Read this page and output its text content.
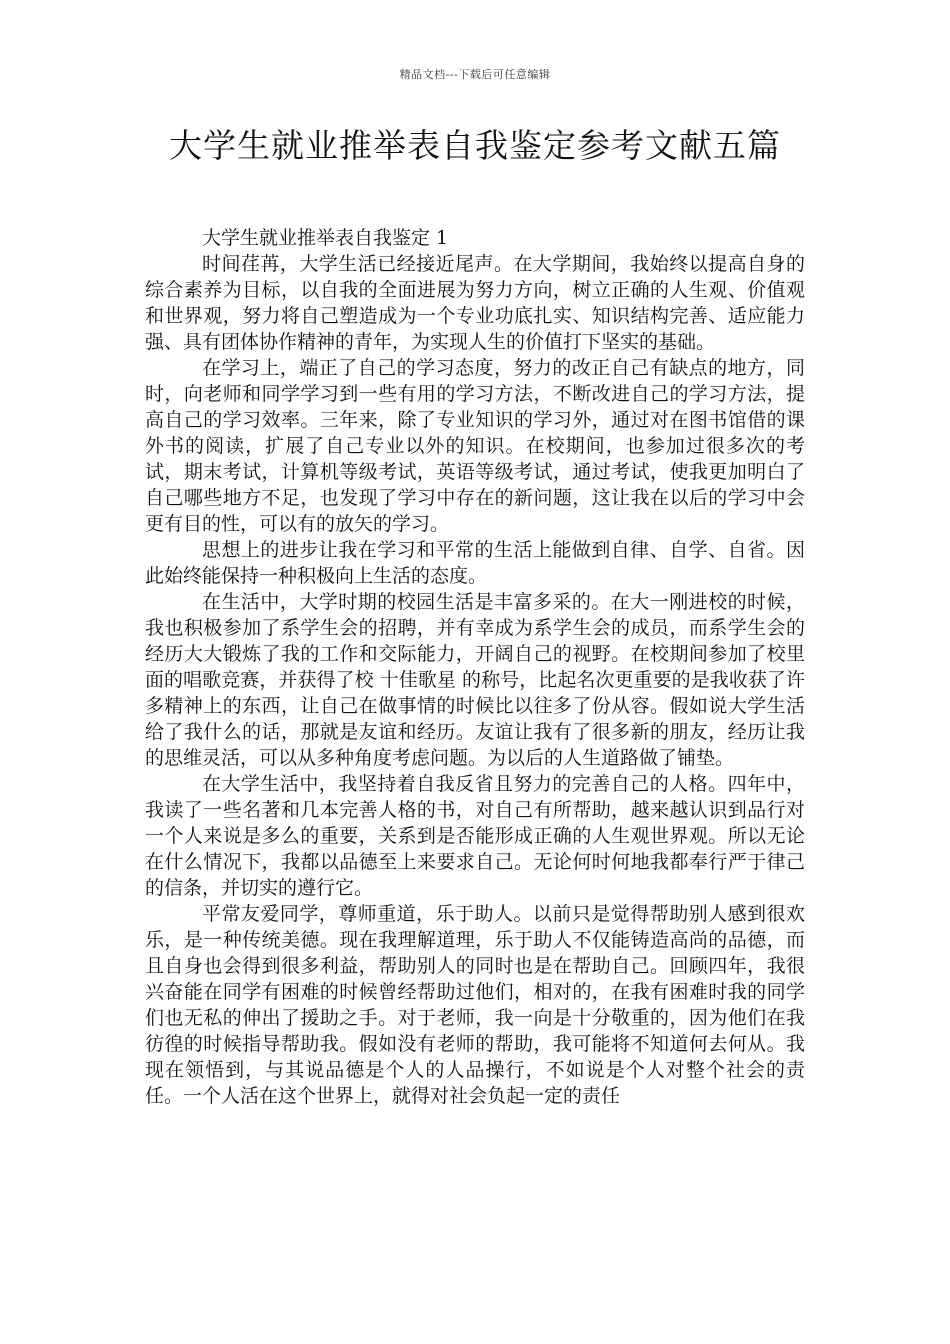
精品文档---下载后可任意编辑
大学生就业推举表自我鉴定参考文献五篇

大学生就业推举表自我鉴定 1

时间荏苒，大学生活已经接近尾声。在大学期间，我始终以提高自身的综合素养为目标，以自我的全面进展为努力方向，树立正确的人生观、价值观和世界观，努力将自己塑造成为一个专业功底扎实、知识结构完善、适应能力强、具有团体协作精神的青年，为实现人生的价值打下坚实的基础。

在学习上，端正了自己的学习态度，努力的改正自己有缺点的地方，同时，向老师和同学学习到一些有用的学习方法，不断改进自己的学习方法，提高自己的学习效率。三年来，除了专业知识的学习外，通过对在图书馆借的课外书的阅读，扩展了自己专业以外的知识。在校期间，也参加过很多次的考试，期末考试，计算机等级考试，英语等级考试，通过考试，使我更加明白了自己哪些地方不足，也发现了学习中存在的新问题，这让我在以后的学习中会更有目的性，可以有的放矢的学习。

思想上的进步让我在学习和平常的生活上能做到自律、自学、自省。因此始终能保持一种积极向上生活的态度。

在生活中，大学时期的校园生活是丰富多采的。在大一刚进校的时候，我也积极参加了系学生会的招聘，并有幸成为系学生会的成员，而系学生会的经历大大锻炼了我的工作和交际能力，开阔自己的视野。在校期间参加了校里面的唱歌竞赛，并获得了校 十佳歌星 的称号，比起名次更重要的是我收获了许多精神上的东西，让自己在做事情的时候比以往多了份从容。假如说大学生活给了我什么的话，那就是友谊和经历。友谊让我有了很多新的朋友，经历让我的思维灵活，可以从多种角度考虑问题。为以后的人生道路做了铺垫。

在大学生活中，我坚持着自我反省且努力的完善自己的人格。四年中，我读了一些名著和几本完善人格的书，对自己有所帮助，越来越认识到品行对一个人来说是多么的重要，关系到是否能形成正确的人生观世界观。所以无论在什么情况下，我都以品德至上来要求自己。无论何时何地我都奉行严于律己的信条，并切实的遵行它。

平常友爱同学，尊师重道，乐于助人。以前只是觉得帮助别人感到很欢乐，是一种传统美德。现在我理解道理，乐于助人不仅能铸造高尚的品德，而且自身也会得到很多利益，帮助别人的同时也是在帮助自己。回顾四年，我很兴奋能在同学有困难的时候曾经帮助过他们，相对的，在我有困难时我的同学们也无私的伸出了援助之手。对于老师，我一向是十分敬重的，因为他们在我彷徨的时候指导帮助我。假如没有老师的帮助，我可能将不知道何去何从。我现在领悟到，与其说品德是个人的人品操行，不如说是个人对整个社会的责任。一个人活在这个世界上，就得对社会负起一定的责任
